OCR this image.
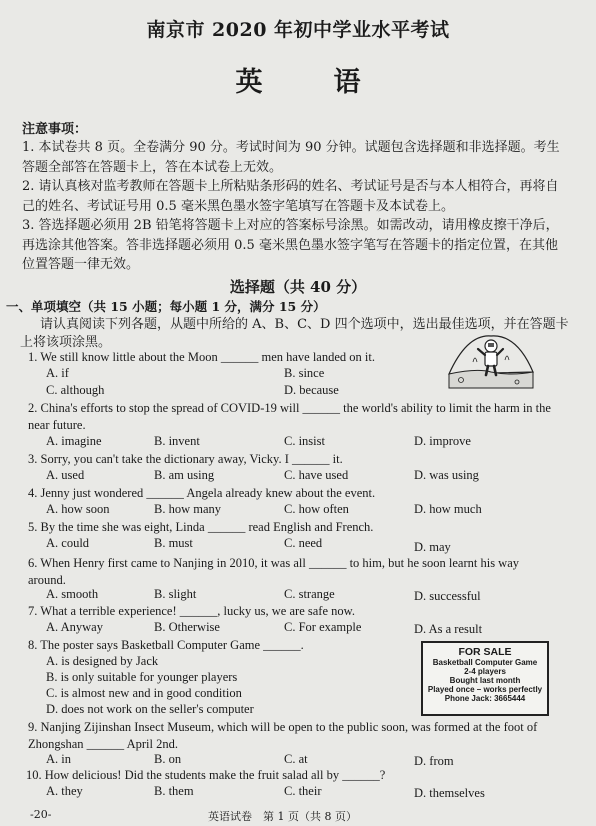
南京市 2020 年初中学业水平考试
英　语
注意事项：
1. 本试卷共 8 页。全卷满分 90 分。考试时间为 90 分钟。试题包含选择题和非选择题。考生答题全部答在答题卡上，答在本试卷上无效。
2. 请认真核对监考教师在答题卡上所粘贴条形码的姓名、考试证号是否与本人相符合，再将自己的姓名、考试证号用 0.5 毫米黑色墨水签字笔填写在答题卡及本试卷上。
3. 答选择题必须用 2B 铅笔将答题卡上对应的答案标号涂黑。如需改动，请用橡皮擦干净后，再选涂其他答案。答非选择题必须用 0.5 毫米黑色墨水签字笔写在答题卡的指定位置，在其他位置答题一律无效。
选择题（共 40 分）
一、单项填空（共 15 小题；每小题 1 分，满分 15 分）
请认真阅读下列各题，从题中所给的 A、B、C、D 四个选项中，选出最佳选项，并在答题卡上将该项涂黑。
1. We still know little about the Moon ______ men have landed on it.
A. if	B. since
C. although	D. because
2. China's efforts to stop the spread of COVID-19 will ______ the world's ability to limit the harm in the near future.
A. imagine	B. invent	C. insist	D. improve
3. Sorry, you can't take the dictionary away, Vicky. I ______ it.
A. used	B. am using	C. have used	D. was using
4. Jenny just wondered ______ Angela already knew about the event.
A. how soon	B. how many	C. how often	D. how much
5. By the time she was eight, Linda ______ read English and French.
A. could	B. must	C. need	D. may
6. When Henry first came to Nanjing in 2010, it was all ______ to him, but he soon learnt his way around.
A. smooth	B. slight	C. strange	D. successful
7. What a terrible experience! ______, lucky us, we are safe now.
A. Anyway	B. Otherwise	C. For example	D. As a result
8. The poster says Basketball Computer Game ______.
A. is designed by Jack
B. is only suitable for younger players
C. is almost new and in good condition
D. does not work on the seller's computer
FOR SALE
Basketball Computer Game
2-4 players
Bought last month
Played once – works perfectly
Phone Jack: 3665444
9. Nanjing Zijinshan Insect Museum, which will be open to the public soon, was formed at the foot of Zhongshan ______ April 2nd.
A. in	B. on	C. at	D. from
10. How delicious! Did the students make the fruit salad all by ______?
A. they	B. them	C. their	D. themselves
-20-	英语试卷　第 1 页（共 8 页）
